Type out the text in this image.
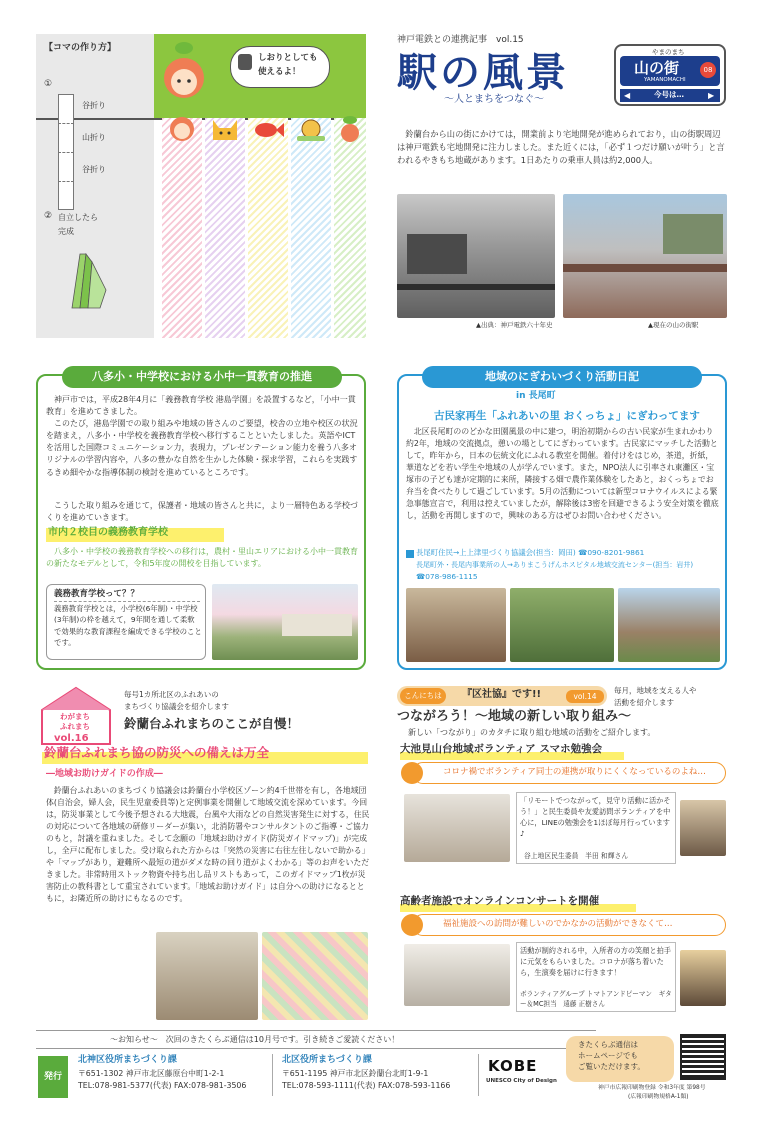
【コマの作り方】
①
谷折り
山折り
谷折り
② 自立したら
完成
しおりとしても
使えるよ！
神戸電鉄との連携記事　vol.15
駅の風景
〜人とまちをつなぐ〜
やまのまち
山の街	08
YAMANOMACHI
◀	今号は…	▶
鈴蘭台から山の街にかけては，開業前より宅地開発が進められており，山の街駅周辺は神戸電鉄も宅地開発に注力しました。また近くには，「必ず１つだけ願いが叶う」と言われるやきもち地蔵があります。1日あたりの乗車人員は約2,000人。
▲出典：神戸電鉄六十年史	▲現在の山の街駅
八多小・中学校における小中一貫教育の推進
神戸市では，平成28年4月に「義務教育学校 港島学園」を設置するなど，「小中一貫教育」を進めてきました。
このたび，港島学園での取り組みや地域の皆さんのご要望，校舎の立地や校区の状況を踏まえ，八多小・中学校を義務教育学校へ移行することといたしました。英語やICTを活用した国際コミュニケーション力，表現力，プレゼンテーション能力を養う八多オリジナルの学習内容や，八多の豊かな自然を生かした体験・探求学習，これらを実践するきめ細やかな指導体制の検討を進めているところです。
こうした取り組みを通じて，保護者・地域の皆さんと共に，より一層特色ある学校づくりを進めていきます。
市内２校目の義務教育学校
八多小・中学校の義務教育学校への移行は，農村・里山エリアにおける小中一貫教育の新たなモデルとして，令和5年度の開校を目指しています。
義務教育学校って？？
義務教育学校とは，小学校(6年制)・中学校(3年制)の枠を越えて，9年間を通して柔軟で効果的な教育課程を編成できる学校のことです。
地域のにぎわいづくり活動日記
in 長尾町
古民家再生「ふれあいの里 おくっちょ」にぎわってます
北区長尾町ののどかな田園風景の中に建つ，明治初期からの古い民家が生まれかわり約2年，地域の交流拠点，憩いの場としてにぎわっています。古民家にマッチした活動として，昨年から，日本の伝統文化にふれる教室を開催。着付けをはじめ，茶道，折紙，華道などを若い学生や地域の人が学んでいます。また，NPO法人に引率され東灘区・宝塚市の子ども達が定期的に来所，隣接する畑で農作業体験をしたあと，おくっちょでお弁当を食べたりして過ごしています。5月の活動については新型コロナウイルスによる緊急事態宣言で，利用は控えていましたが，解除後は3密を回避できるよう安全対策を徹底し，活動を再開しますので，興味のある方はぜひお問い合わせください。
長尾町住民→上上津里づくり協議会(担当：岡田) ☎090-8201-9861
長尾町外・長尾内事業所の人→ありまこうげんホスピタル地域交流センター(担当：岩井)
☎078-986-1115
わがまち
ふれまち
vol.16
毎号1カ所北区のふれあいの
まちづくり協議会を紹介します
鈴蘭台ふれまちのここが自慢！
鈴蘭台ふれまち協の防災への備えは万全
―地域お助けガイドの作成―
鈴蘭台ふれあいのまちづくり協議会は鈴蘭台小学校区ゾーン約4千世帯を有し，各地域団体(自治会，婦人会，民生児童委員等)と定例事業を開催して地域交流を深めています。今回は，防災事業として今後予想される大地震，台風や大雨などの自然災害発生に対する，住民の対応について各地域の研修リーダーが集い，北消防署やコンサルタントのご指導・ご協力のもと，討議を重ねました。そして念願の「地域お助けガイド(防災ガイドマップ)」が完成し，全戸に配布しました。受け取られた方からは「突然の災害に右往左往しないで助かる」や「マップがあり，避難所へ最短の道がダメな時の回り道がよくわかる」等のお声をいただきました。非常時用ストック物資や持ち出し品リストもあって，このガイドマップ1枚が災害防止の教科書として重宝されています。「地域お助けガイド」は自分への助けになるとともに，お隣近所の助けにもなるのです。
こんにちは	『区社協』です!!	vol.14
毎月，地域を支える人や
活動を紹介します
つながろう！〜地域の新しい取り組み〜
新しい「つながり」のカタチに取り組む地域の活動をご紹介します。
大池見山台地域ボランティア スマホ勉強会
コロナ禍でボランティア同士の連携が取りにくくなっているのよね…
「リモートでつながって，見守り活動に活かそう！」と民生委員や友愛訪問ボランティアを中心に，LINEの勉強会を1ほぼ毎月行っています♪
谷上地区民生委員　半田 和輝さん
高齢者施設でオンラインコンサートを開催
福祉施設への訪問が難しいのでかなかの活動ができなくて…
活動が制約される中，入所者の方の笑顔と拍手に元気をもらいました。コロナが落ち着いたら，生演奏を届けに行きます！
ボランティアグループ トマトアンドピーマン　ギター＆MC担当　遠藤 正樹さん
〜お知らせ〜　次回のきたくらぶ通信は10月号です。引き続きご愛読ください！
発行
北神区役所まちづくり課
〒651-1302 神戸市北区藤原台中町1-2-1
TEL:078-981-5377(代表) FAX:078-981-3506
北区役所まちづくり課
〒651-1195 神戸市北区鈴蘭台北町1-9-1
TEL:078-593-1111(代表) FAX:078-593-1166
KOBE
UNESCO City of Design
きたくらぶ通信は
ホームページでも
ご覧いただけます。
神戸市広報印刷物登録 令和3年度 第98号
(広報印刷物規格A-1類)
